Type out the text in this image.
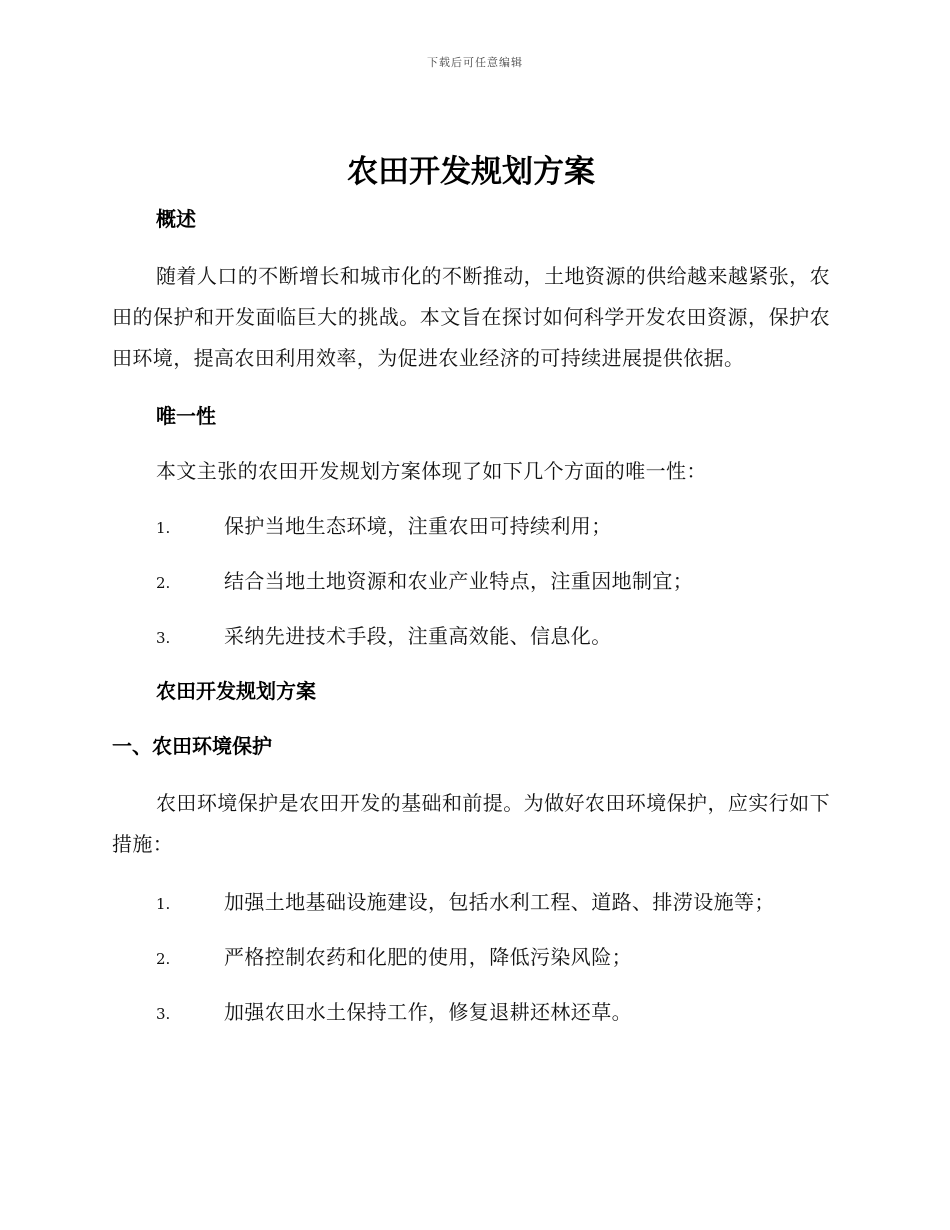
下载后可任意编辑
农田开发规划方案
概述

随着人口的不断增长和城市化的不断推动，土地资源的供给越来越紧张，农田的保护和开发面临巨大的挑战。本文旨在探讨如何科学开发农田资源，保护农田环境，提高农田利用效率，为促进农业经济的可持续进展提供依据。

唯一性

本文主张的农田开发规划方案体现了如下几个方面的唯一性：

1.	保护当地生态环境，注重农田可持续利用；
2.	结合当地土地资源和农业产业特点，注重因地制宜；
3.	采纳先进技术手段，注重高效能、信息化。
农田开发规划方案
一、农田环境保护

农田环境保护是农田开发的基础和前提。为做好农田环境保护，应实行如下措施：

1.	加强土地基础设施建设，包括水利工程、道路、排涝设施等；
2.	严格控制农药和化肥的使用，降低污染风险；
3.	加强农田水土保持工作，修复退耕还林还草。
